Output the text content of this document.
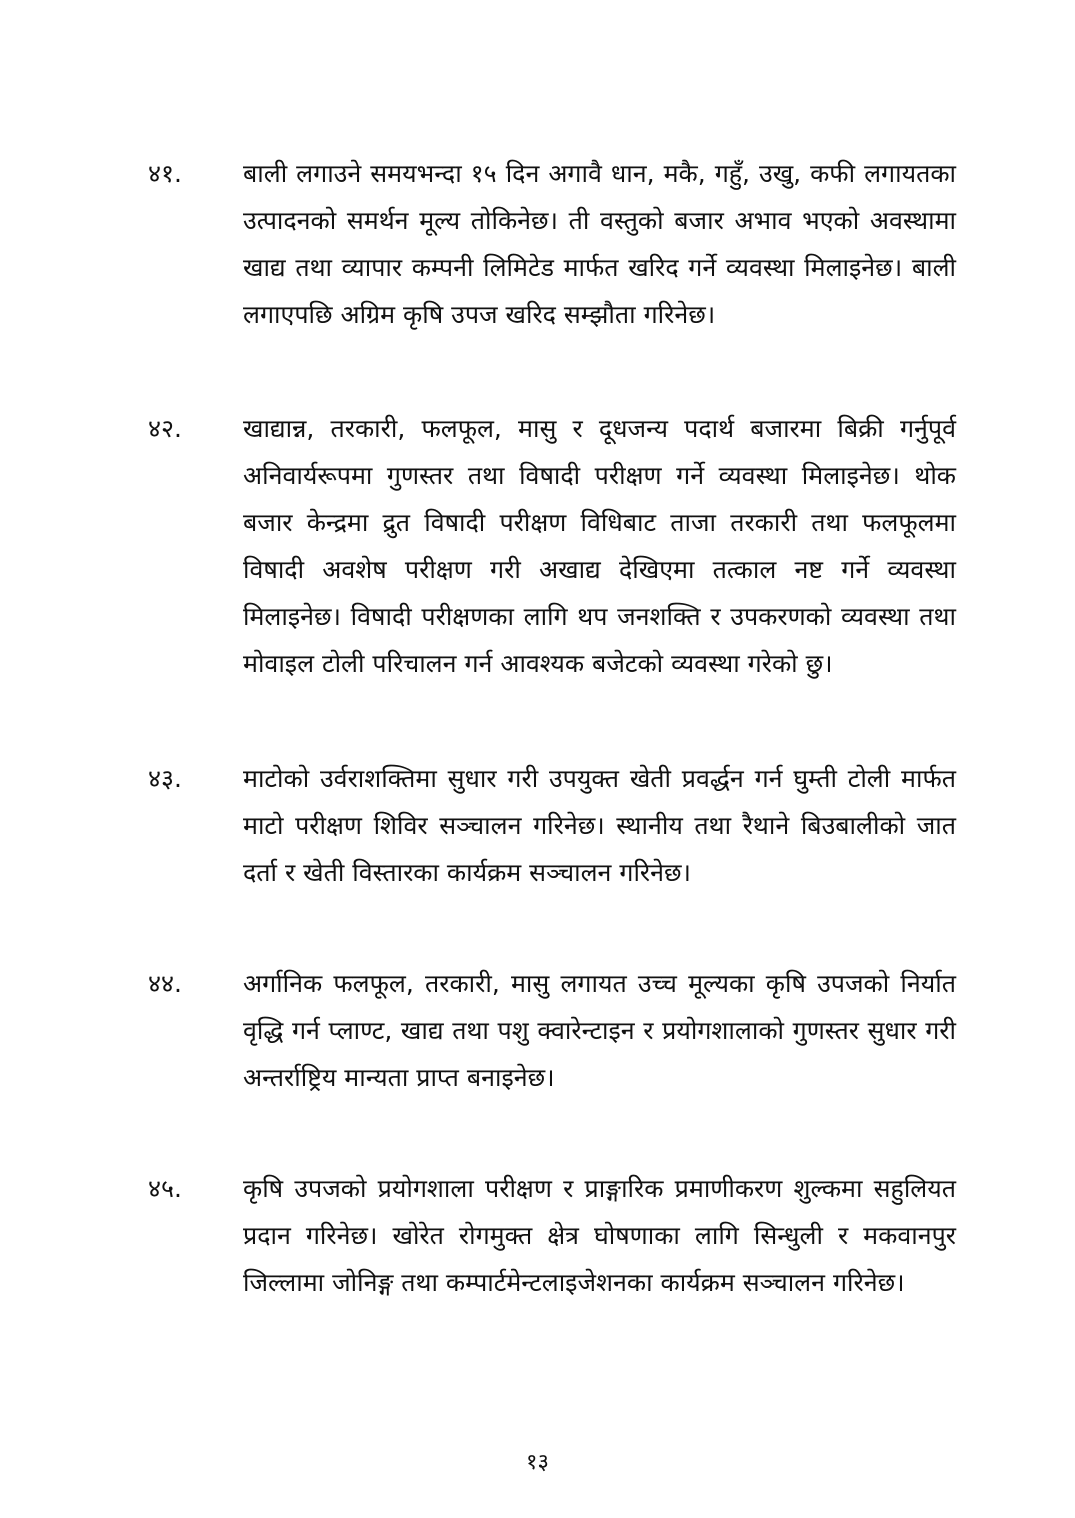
४१. बाली लगाउने समयभन्दा १५ दिन अगावै धान, मकै, गहुँ, उखु, कफी लगायतका उत्पादनको समर्थन मूल्य तोकिनेछ। ती वस्तुको बजार अभाव भएको अवस्थामा खाद्य तथा व्यापार कम्पनी लिमिटेड मार्फत खरिद गर्ने व्यवस्था मिलाइनेछ। बाली लगाएपछि अग्रिम कृषि उपज खरिद सम्झौता गरिनेछ।
४२. खाद्यान्न, तरकारी, फलफूल, मासु र दूधजन्य पदार्थ बजारमा बिक्री गर्नुपूर्व अनिवार्यरूपमा गुणस्तर तथा विषादी परीक्षण गर्ने व्यवस्था मिलाइनेछ। थोक बजार केन्द्रमा द्रुत विषादी परीक्षण विधिबाट ताजा तरकारी तथा फलफूलमा विषादी अवशेष परीक्षण गरी अखाद्य देखिएमा तत्काल नष्ट गर्ने व्यवस्था मिलाइनेछ। विषादी परीक्षणका लागि थप जनशक्ति र उपकरणको व्यवस्था तथा मोवाइल टोली परिचालन गर्न आवश्यक बजेटको व्यवस्था गरेको छु।
४३. माटोको उर्वराशक्तिमा सुधार गरी उपयुक्त खेती प्रवर्द्धन गर्न घुम्ती टोली मार्फत माटो परीक्षण शिविर सञ्चालन गरिनेछ। स्थानीय तथा रैथाने बिउबालीको जात दर्ता र खेती विस्तारका कार्यक्रम सञ्चालन गरिनेछ।
४४. अर्गानिक फलफूल, तरकारी, मासु लगायत उच्च मूल्यका कृषि उपजको निर्यात वृद्धि गर्न प्लाण्ट, खाद्य तथा पशु क्वारेन्टाइन र प्रयोगशालाको गुणस्तर सुधार गरी अन्तर्राष्ट्रिय मान्यता प्राप्त बनाइनेछ।
४५. कृषि उपजको प्रयोगशाला परीक्षण र प्राङ्गारिक प्रमाणीकरण शुल्कमा सहुलियत प्रदान गरिनेछ। खोरेत रोगमुक्त क्षेत्र घोषणाका लागि सिन्धुली र मकवानपुर जिल्लामा जोनिङ्ग तथा कम्पार्टमेन्टलाइजेशनका कार्यक्रम सञ्चालन गरिनेछ।
१३
